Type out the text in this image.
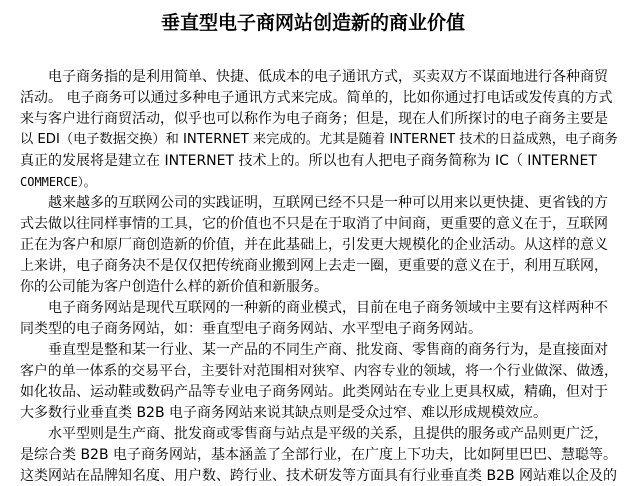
垂直型电子商网站创造新的商业价值
电子商务指的是利用简单、快捷、低成本的电子通讯方式，买卖双方不谋面地进行各种商贸
活动。 电子商务可以通过多种电子通讯方式来完成。简单的，比如你通过打电话或发传真的方式
来与客户进行商贸活动，似乎也可以称作为电子商务；但是，现在人们所探讨的电子商务主要是
以 EDI（电子数据交换）和 INTERNET 来完成的。尤其是随着 INTERNET 技术的日益成熟，电子商务
真正的发展将是建立在 INTERNET 技术上的。所以也有人把电子商务简称为 IC（ INTERNET
COMMERCE）。
越来越多的互联网公司的实践证明，互联网已经不只是一种可以用来以更快捷、更省钱的方
式去做以往同样事情的工具，它的价值也不只是在于取消了中间商，更重要的意义在于，互联网
正在为客户和原厂商创造新的价值，并在此基础上，引发更大规模化的企业活动。从这样的意义
上来讲，电子商务决不是仅仅把传统商业搬到网上去走一圈，更重要的意义在于，利用互联网，
你的公司能为客户创造什么样的新价值和新服务。
电子商务网站是现代互联网的一种新的商业模式，目前在电子商务领域中主要有这样两种不
同类型的电子商务网站，如：垂直型电子商务网站、水平型电子商务网站。
垂直型是整和某一行业、某一产品的不同生产商、批发商、零售商的商务行为，是直接面对
客户的单一体系的交易平台，主要针对范围相对狭窄、内容专业的领域，将一个行业做深、做透，
如化妆品、运动鞋或数码产品等专业电子商务网站。此类网站在专业上更具权威，精确，但对于
大多数行业垂直类 B2B 电子商务网站来说其缺点则是受众过窄、难以形成规模效应。
水平型则是生产商、批发商或零售商与站点是平级的关系，且提供的服务或产品则更广泛，
是综合类 B2B 电子商务网站，基本涵盖了全部行业，在广度上下功夫，比如阿里巴巴、慧聪等。
这类网站在品牌知名度、用户数、跨行业、技术研发等方面具有行业垂直类 B2B 网站难以企及的
